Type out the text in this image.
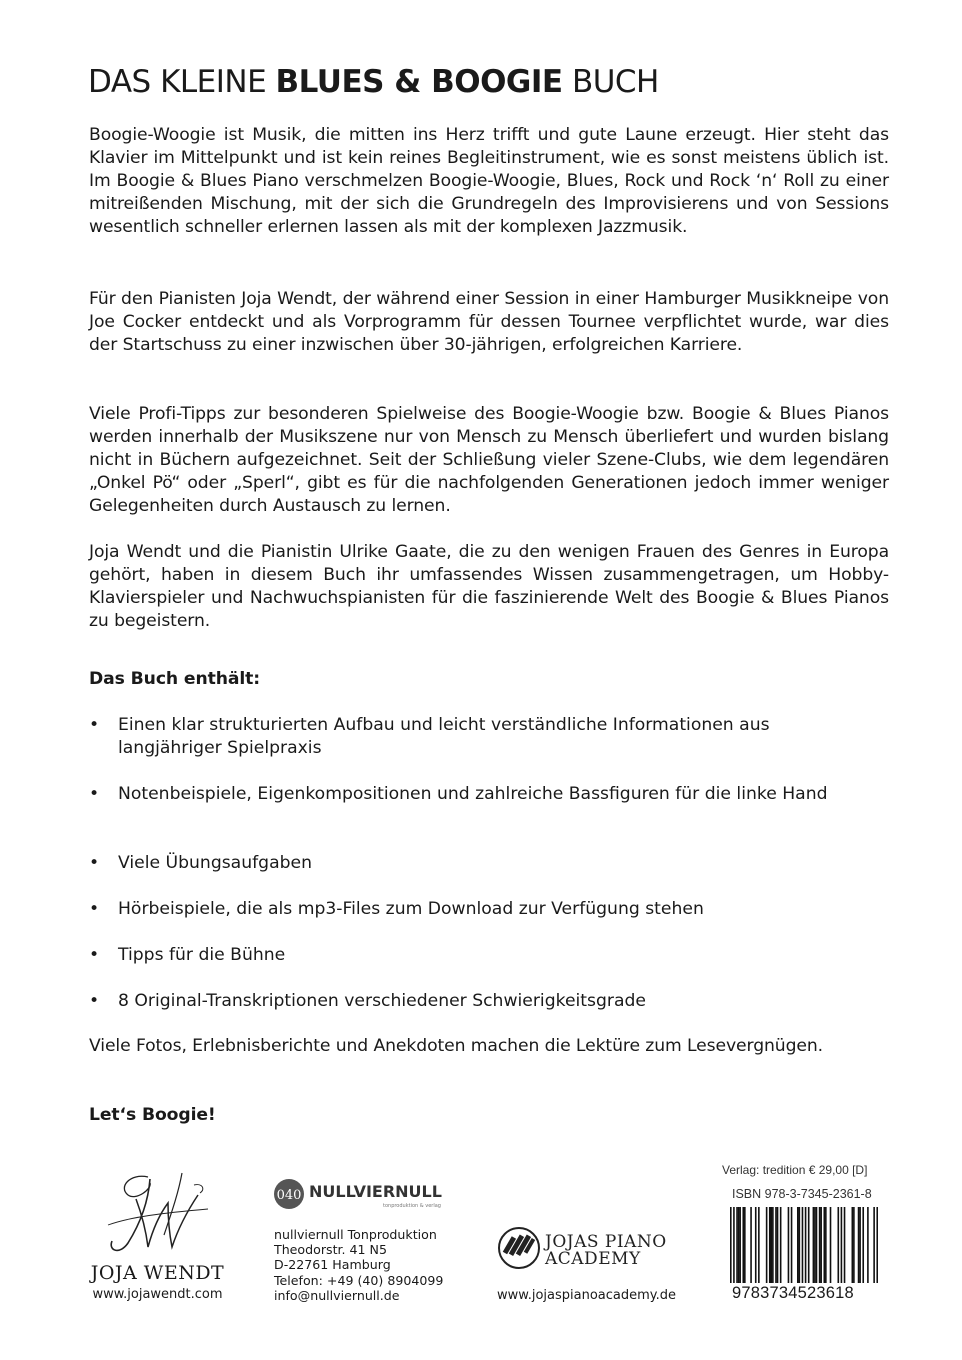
DAS KLEINE BLUES & BOOGIE BUCH

Boogie-Woogie ist Musik, die mitten ins Herz trifft und gute Laune erzeugt. Hier steht das Klavier im Mittelpunkt und ist kein reines Begleitinstrument, wie es sonst meistens üblich ist. Im Boogie & Blues Piano verschmelzen Boogie-Woogie, Blues, Rock und Rock ‘n‘ Roll zu einer mitreißenden Mischung, mit der sich die Grundregeln des Improvisierens und von Sessions wesentlich schneller erlernen lassen als mit der komplexen Jazzmusik.

Für den Pianisten Joja Wendt, der während einer Session in einer Hamburger Musikkneipe von Joe Cocker entdeckt und als Vorprogramm für dessen Tournee verpflichtet wurde, war dies der Startschuss zu einer inzwischen über 30-jährigen, erfolgreichen Karriere.

Viele Profi-Tipps zur besonderen Spielweise des Boogie-Woogie bzw. Boogie & Blues Pianos werden innerhalb der Musikszene nur von Mensch zu Mensch überliefert und wurden bislang nicht in Büchern aufgezeichnet. Seit der Schließung vieler Szene-Clubs, wie dem legendären „Onkel Pö“ oder „Sperl“, gibt es für die nachfolgenden Generationen jedoch immer weniger Gelegenheiten durch Austausch zu lernen.

Joja Wendt und die Pianistin Ulrike Gaate, die zu den wenigen Frauen des Genres in Europa gehört, haben in diesem Buch ihr umfassendes Wissen zusammengetragen, um Hobby-Klavierspieler und Nachwuchspianisten für die faszinierende Welt des Boogie & Blues Pianos zu begeistern.

Das Buch enthält:

•	Einen klar strukturierten Aufbau und leicht verständliche Informationen aus langjähriger Spielpraxis
•	Notenbeispiele, Eigenkompositionen und zahlreiche Bassfiguren für die linke Hand
•	Viele Übungsaufgaben
•	Hörbeispiele, die als mp3-Files zum Download zur Verfügung stehen
•	Tipps für die Bühne
•	8 Original-Transkriptionen verschiedener Schwierigkeitsgrade

Viele Fotos, Erlebnisberichte und Anekdoten machen die Lektüre zum Lesevergnügen.

Let‘s Boogie!

JOJA WENDT
www.jojawendt.com
040 NULLVIERNULL
tonproduktion & verlag
nullviernull Tonproduktion
Theodorstr. 41 N5
D-22761 Hamburg
Telefon: +49 (40) 8904099
info@nullviernull.de
JOJAS PIANO
ACADEMY
www.jojaspianoacademy.de
Verlag: tredition € 29,00 [D]
ISBN 978-3-7345-2361-8
9783734523618
